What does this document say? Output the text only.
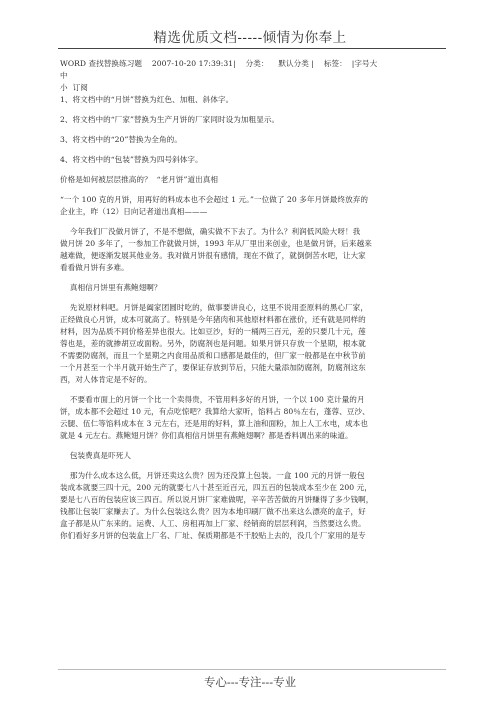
精选优质文档-----倾情为你奉上

WORD 查找替换练习题    2007-10-20 17:39:31|    分类：    默认分类 |    标签：  |字号大

中

小  订阅

1、将文档中的“月饼”替换为红色、加粗、斜体字。

2、将文档中的“厂家”替换为生产月饼的厂家同时设为加粗显示。

3、将文档中的“20”替换为全角的。

4、将文档中的“包装”替换为四号斜体字。

价格是如何被层层推高的？  “老月饼”道出真相

“一个 100 克的月饼，用再好的料成本也不会超过 1 元。”一位做了 20 多年月饼最终放弃的

企业主，昨（12）日向记者道出真相———

今年我们厂没做月饼了，不是不想做，确实做不下去了。为什么？利润低风险大呀！我

做月饼 20 多年了，一参加工作就做月饼，1993 年从厂里出来创业，也是做月饼，后来越来

越难做，便逐渐发展其他业务。我对做月饼很有感情，现在不做了，就倒倒苦水吧，让大家

看看做月饼有多难。

真相信月饼里有燕鲍翅啊？

先说原材料吧。月饼是阖家团圆时吃的，做事要讲良心，这里不说用歪原料的黑心厂家，

正经做良心月饼，成本可就高了。特别是今年猪肉和其他原材料都在涨价，还有就是同样的

材料，因为品质不同价格差异也很大。比如豆沙，好的一桶两三百元，差的只要几十元，莲

蓉也是，差的就掺胡豆或面粉。另外，防腐剂也是问题。如果月饼只存放一个星期，根本就

不需要防腐剂，而且一个星期之内食用品质和口感都是最佳的，但厂家一般都是在中秋节前

一个月甚至一个半月就开始生产了，要保证存放到节后，只能大量添加防腐剂，防腐剂这东

西，对人体肯定是不好的。

不要看市面上的月饼一个比一个卖得贵，不管用料多好的月饼，一个以 100 克计量的月

饼，成本都不会超过 10 元，有点吃惊吧？我算给大家听，馅料占 80％左右，蓬蓉、豆沙、

云腿、伍仁等馅料成本在 3 元左右，还是用的好料，算上油和面粉，加上人工水电，成本也

就是 4 元左右。燕鲍翅月饼？你们真相信月饼里有燕鲍翅啊？都是香料调出来的味道。

包装费真是吓死人

那为什么成本这么低，月饼还卖这么贵？因为还没算上包装。一盒 100 元的月饼一般包

装成本就要三四十元，200 元的就要七八十甚至近百元，四五百的包装成本至少在 200 元，

要是七八百的包装应该三四百。所以说月饼厂家难做呢，辛辛苦苦做的月饼赚得了多少钱啊，

钱都让包装厂家赚去了。为什么包装这么贵？因为本地印刷厂做不出来这么漂亮的盒子，好

盒子都是从广东来的。运费、人工、房租再加上厂家、经销商的层层利润，当然要这么贵。

你们看好多月饼的包装盒上厂名、厂址、保质期都是不干胶贴上去的，没几个厂家用的是专

专心---专注---专业
